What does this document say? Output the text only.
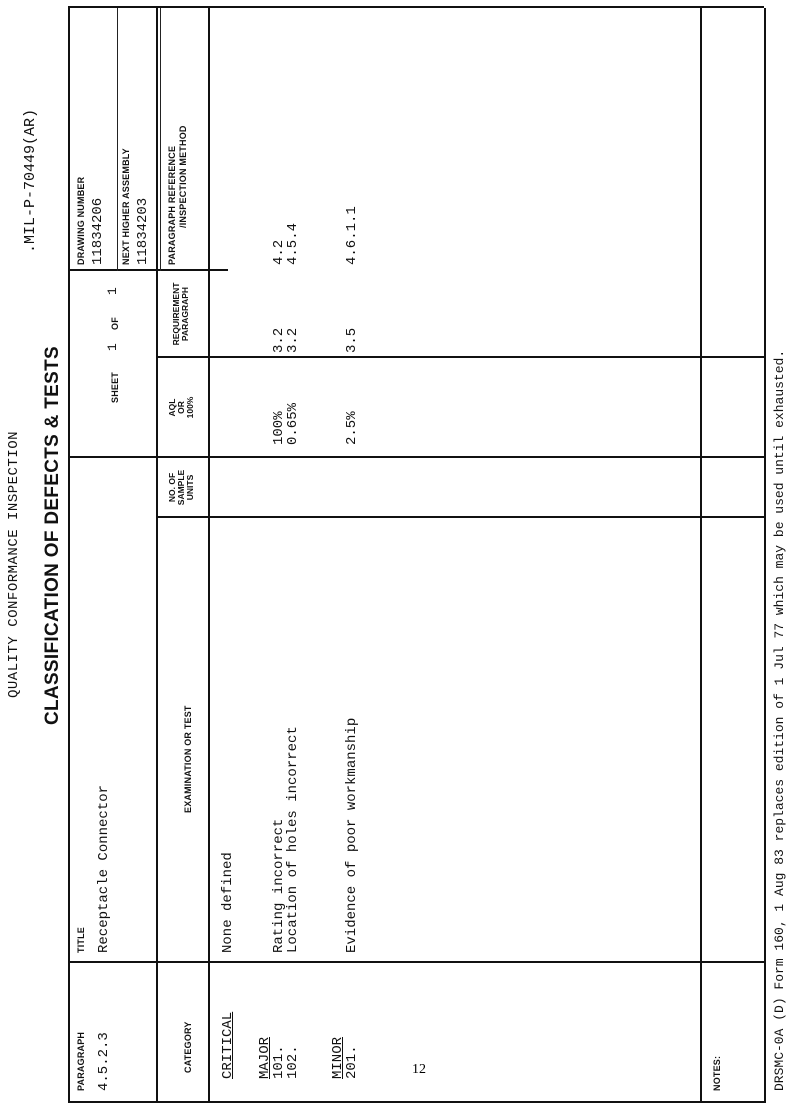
QUALITY CONFORMANCE INSPECTION
.MIL-P-70449(AR)
CLASSIFICATION OF DEFECTS & TESTS
PARAGRAPH 4.5.2.3
TITLE Receptacle Connector
SHEET
1
OF
1
DRAWING NUMBER 11834206 NEXT HIGHER ASSEMBLY 11834203
CATEGORY
EXAMINATION OR TEST
NO. OF SAMPLE UNITS
AQL OR 100%
REQUIREMENT PARAGRAPH
PARAGRAPH REFERENCE /INSPECTION METHOD
CRITICAL
None defined
MAJOR
101.
102.
Rating incorrect
Location of holes incorrect
100%
0.65%
3.2
3.2
4.2
4.5.4
MINOR
201.
Evidence of poor workmanship
2.5%
3.5
4.6.1.1
NOTES:	DRSMC-0A (D) Form 160, 1 Aug 83 replaces edition of 1 Jul 77 which may be used until exhausted.
12
